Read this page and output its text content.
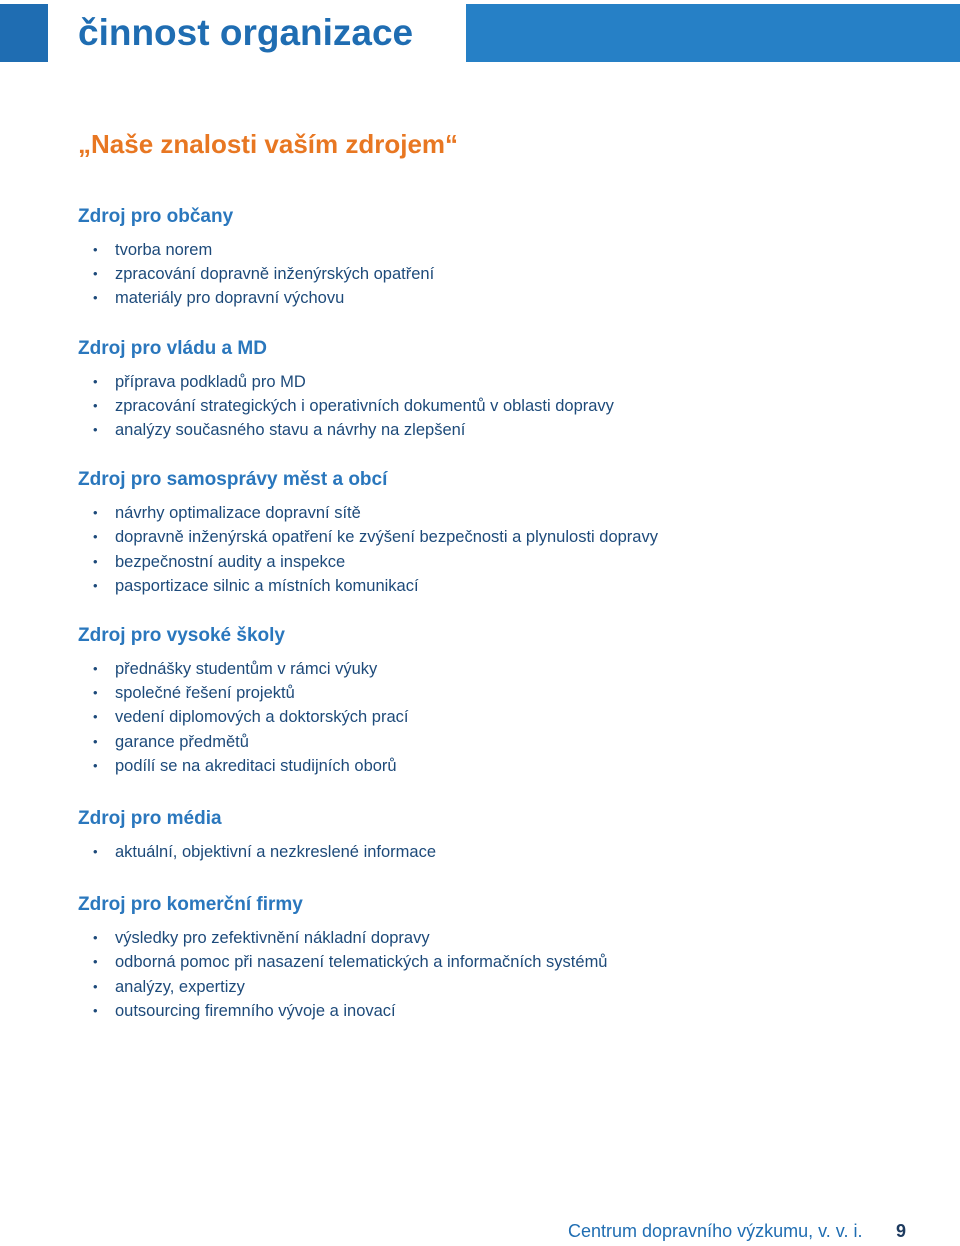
činnost organizace

„Naše znalosti vaším zdrojem“

Zdroj pro občany
• tvorba norem
• zpracování dopravně inženýrských opatření
• materiály pro dopravní výchovu
Zdroj pro vládu a MD
• příprava podkladů pro MD
• zpracování strategických i operativních dokumentů v oblasti dopravy
• analýzy současného stavu a návrhy na zlepšení
Zdroj pro samosprávy měst a obcí
• návrhy optimalizace dopravní sítě
• dopravně inženýrská opatření ke zvýšení bezpečnosti a plynulosti dopravy
• bezpečnostní audity a inspekce
• pasportizace silnic a místních komunikací
Zdroj pro vysoké školy
• přednášky studentům v rámci výuky
• společné řešení projektů
• vedení diplomových a doktorských prací
• garance předmětů
• podílí se na akreditaci studijních oborů
Zdroj pro média
• aktuální, objektivní a nezkreslené informace
Zdroj pro komerční firmy
• výsledky pro zefektivnění nákladní dopravy
• odborná pomoc při nasazení telematických a informačních systémů
• analýzy, expertizy
• outsourcing firemního vývoje a inovací
Centrum dopravního výzkumu, v. v. i. 9
